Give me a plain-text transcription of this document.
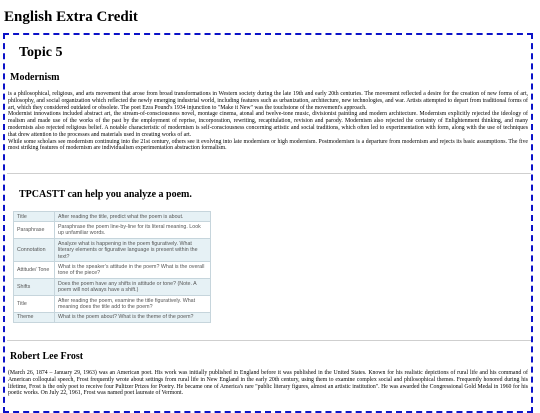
English Extra Credit
Topic 5
Modernism

is a philosophical, religious, and arts movement that arose from broad transformations in Western society during the late 19th and early 20th centuries. The movement reflected a desire for the creation of new forms of art, philosophy, and social organization which reflected the newly emerging industrial world, including features such as urbanization, architecture, new technologies, and war. Artists attempted to depart from traditional forms of art, which they considered outdated or obsolete. The poet Ezra Pound's 1934 injunction to "Make it New" was the touchstone of the movement's approach.

Modernist innovations included abstract art, the stream-of-consciousness novel, montage cinema, atonal and twelve-tone music, divisionist painting and modern architecture. Modernism explicitly rejected the ideology of realism and made use of the works of the past by the employment of reprise, incorporation, rewriting, recapitulation, revision and parody. Modernism also rejected the certainty of Enlightenment thinking, and many modernists also rejected religious belief. A notable characteristic of modernism is self-consciousness concerning artistic and social traditions, which often led to experimentation with form, along with the use of techniques that drew attention to the processes and materials used in creating works of art.

While some scholars see modernism continuing into the 21st century, others see it evolving into late modernism or high modernism. Postmodernism is a departure from modernism and rejects its basic assumptions. The five most striking features of modernism are individualism experimentation abstraction formalism.

TPCASTT can help you analyze a poem.
Title	After reading the title, predict what the poem is about.
Paraphrase	Paraphrase the poem line-by-line for its literal meaning. Look up unfamiliar words.
Connotation	Analyze what is happening in the poem figuratively. What literary elements or figurative language is present within the text?
Attitude/ Tone	What is the speaker's attitude in the poem? What is the overall tone of the piece?
Shifts	Does the poem have any shifts in attitude or tone? (Note. A poem will not always have a shift.)
Title	After reading the poem, examine the title figuratively. What meaning does the title add to the poem?
Theme	What is the poem about? What is the theme of the poem?
Robert Lee Frost

(March 26, 1874 – January 29, 1963) was an American poet. His work was initially published in England before it was published in the United States. Known for his realistic depictions of rural life and his command of American colloquial speech, Frost frequently wrote about settings from rural life in New England in the early 20th century, using them to examine complex social and philosophical themes. Frequently honored during his lifetime, Frost is the only poet to receive four Pulitzer Prizes for Poetry. He became one of America's rare "public literary figures, almost an artistic institution". He was awarded the Congressional Gold Medal in 1960 for his poetic works. On July 22, 1961, Frost was named poet laureate of Vermont.
